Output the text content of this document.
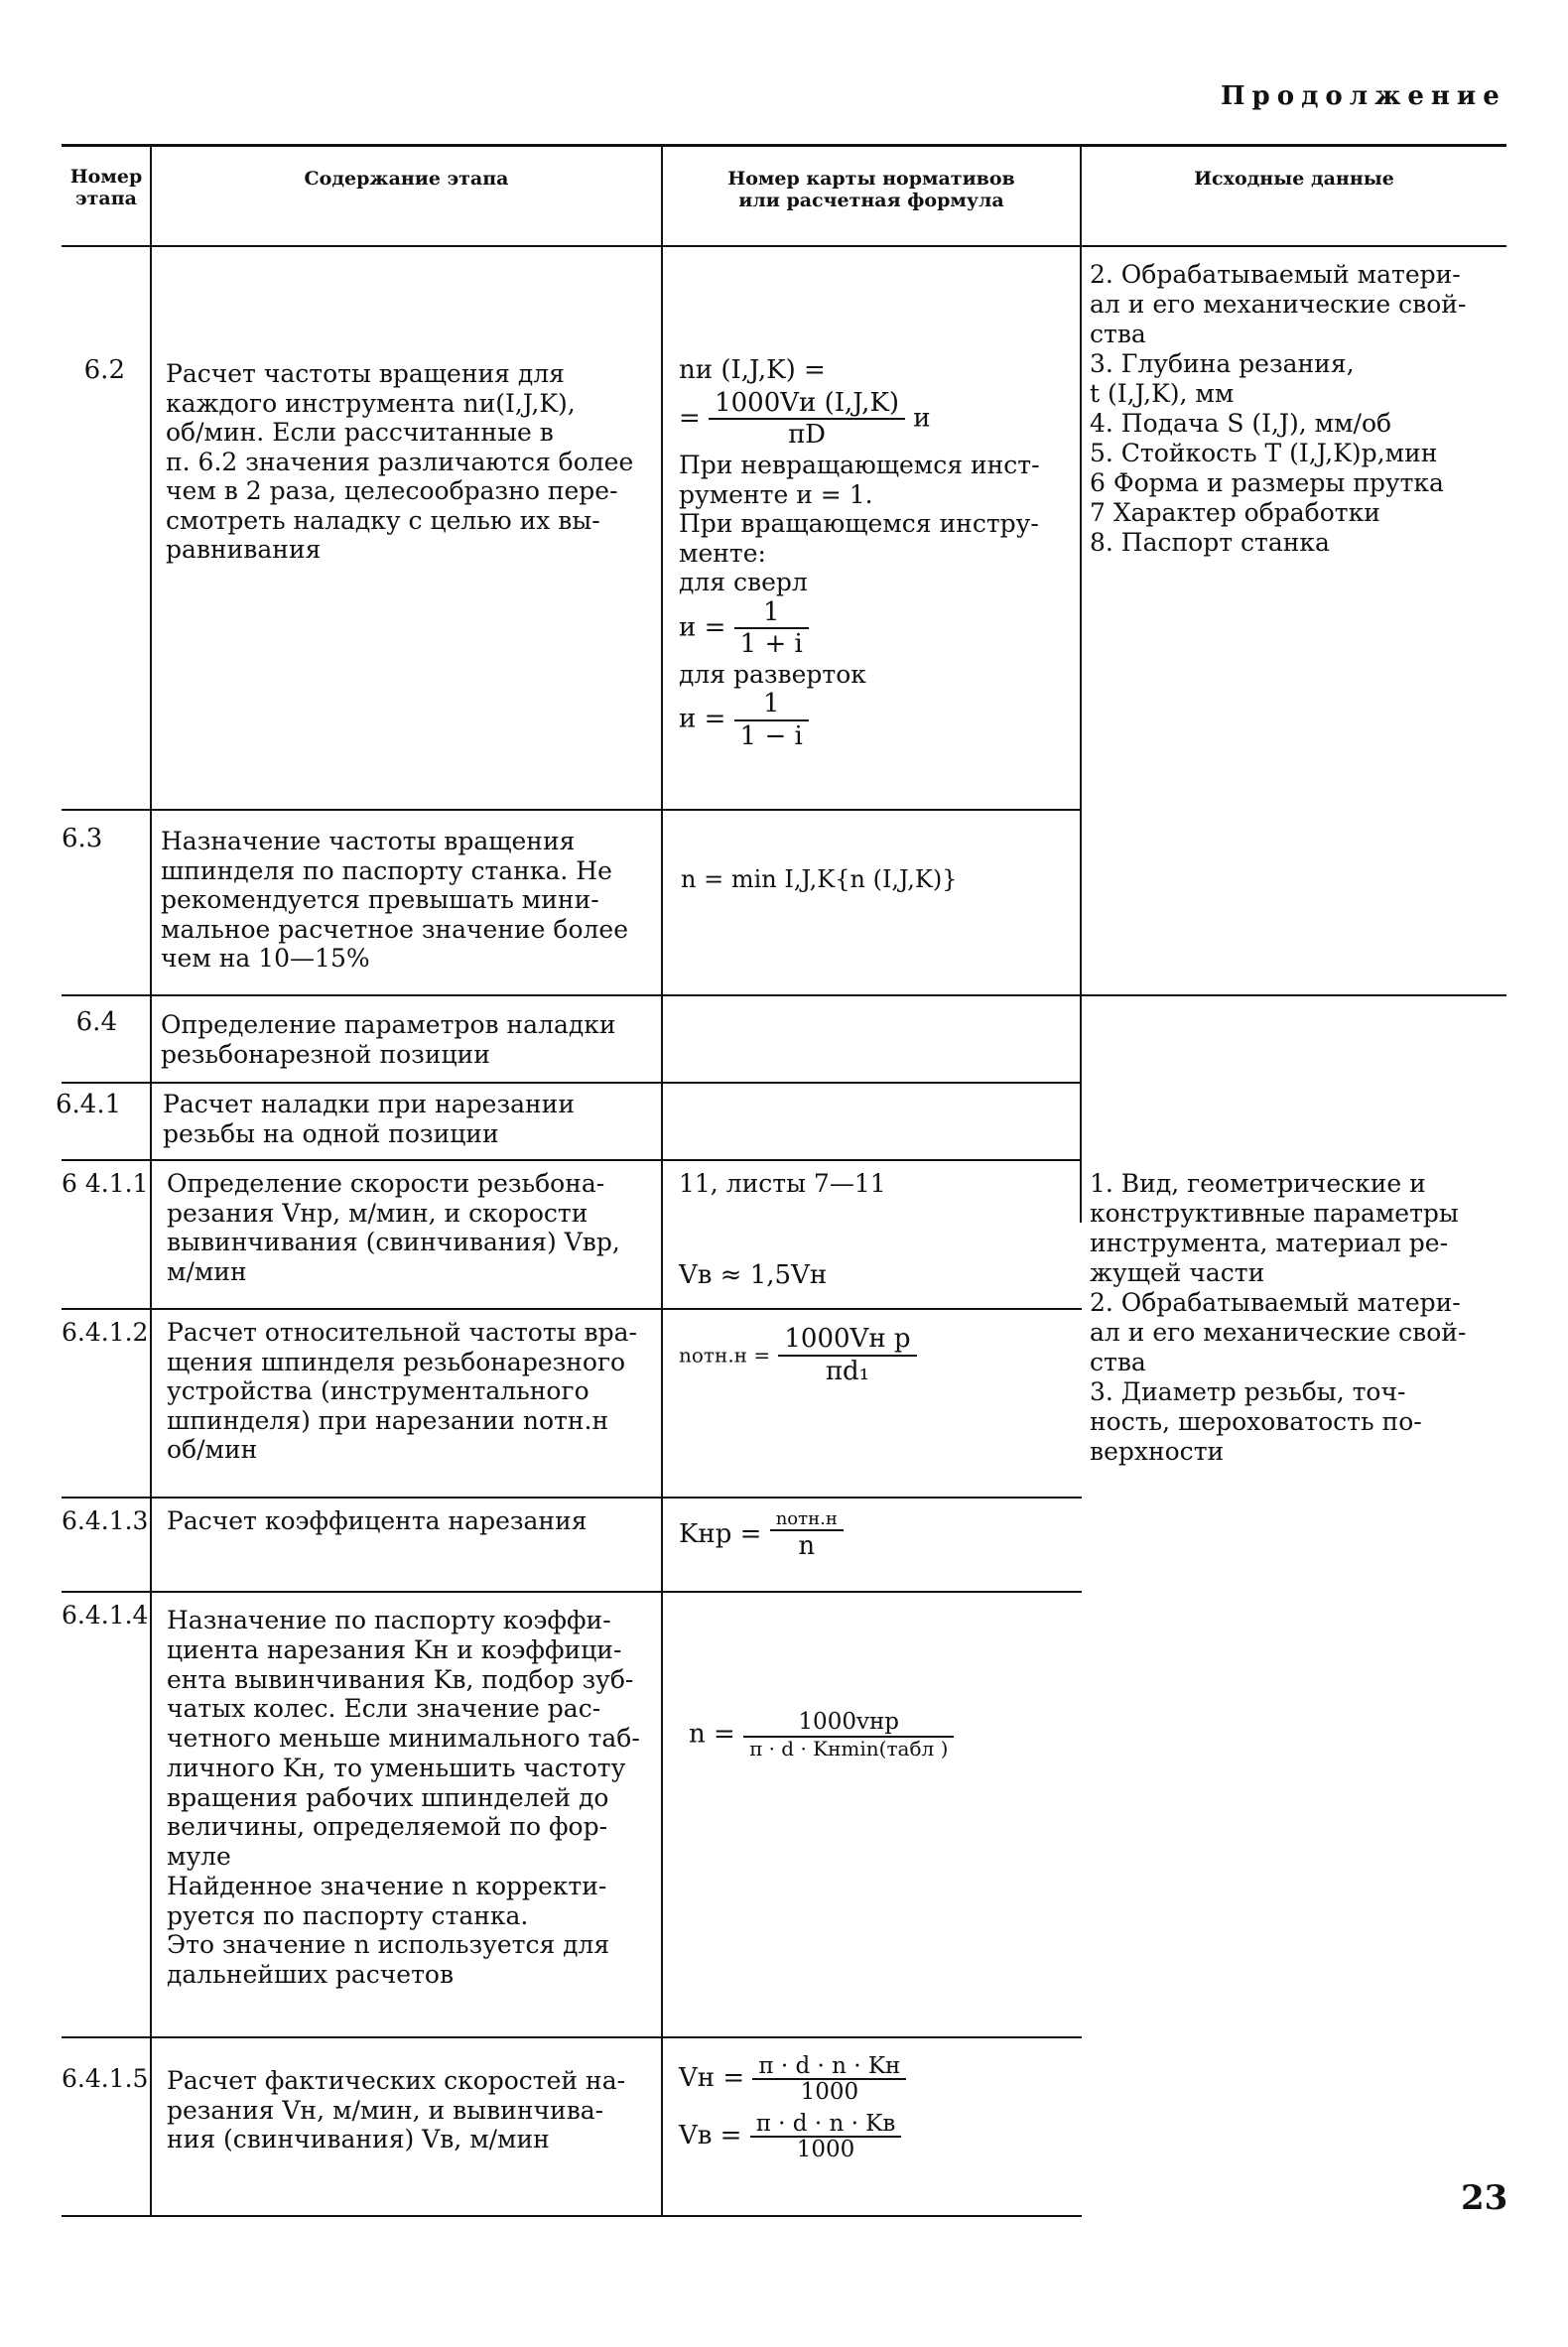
Продолжение
Номер
этапа
Содержание этапа	Номер карты нормативов
или расчетная формула
Исходные данные
6.2 Расчет частоты вращения для
каждого инструмента nи(I,J,K),
об/мин. Если рассчитанные в
п. 6.2 значения различаются более
чем в 2 раза, целесообразно пере-
смотреть наладку с целью их вы-
равнивания
nи (I,J,K) =
= $\frac{1000Vи (I,J,K)}{\pi D}$ и
При невращающемся инст-
рументе и = 1.
При вращающемся инстру-
менте:
для сверл
$и = \frac{1}{1 + i}$
для разверток
$и = \frac{1}{1 - i}$
2. Обрабатываемый матери-
ал и его механические свой-
ства
3. Глубина резания,
t (I,J,K), мм
4. Подача S (I,J), мм/об
5. Стойкость T (I,J,K)р,мин
6 Форма и размеры прутка
7 Характер обработки
8. Паспорт станка
6.3 Назначение частоты вращения
шпинделя по паспорту станка. Не
рекомендуется превышать мини-
мальное расчетное значение более
чем на 10—15%
n = min I,J,K{n (I,J,K)}
6.4 Определение параметров наладки
резьбонарезной позиции
6.4.1 Расчет наладки при нарезании
резьбы на одной позиции
6 4.1.1 Определение скорости резьбона-
резания Vнр, м/мин, и скорости
вывинчивания (свинчивания) Vвр,
м/мин
11, листы 7—11
Vв ≈ 1,5Vн
6.4.1.2 Расчет относительной частоты вра-
щения шпинделя резьбонарезного
устройства (инструментального
шпинделя) при нарезании nотн.н
об/мин
nотн.н = $\frac{\text{1000Vн р}}{\text{πd₁}}$
6.4.1.3 Расчет коэффицента нарезания	Kнр = $\frac{\text{nотн.н}}{n}$
6.4.1.4 Назначение по паспорту коэффи-
циента нарезания Kн и коэффици-
ента вывинчивания Kв, подбор зуб-
чатых колес. Если значение рас-
четного меньше минимального таб-
личного Kн, то уменьшить частоту
вращения рабочих шпинделей до
величины, определяемой по фор-
муле
Найденное значение n корректи-
руется по паспорту станка.
Это значение n используется для
дальнейших расчетов
$n = \frac{\text{1000vнр}}{\text{π · d · Kнmin(табл )}}$
6.4.1.5 Расчет фактических скоростей на-
резания Vн, м/мин, и вывинчива-
ния (свинчивания) Vв, м/мин
Vн = $\frac{\pi \cdot d \cdot n \cdot Kн}{1000}$
Vв = $\frac{\pi \cdot d \cdot n \cdot Kв}{1000}$
1. Вид, геометрические и
конструктивные параметры
инструмента, материал ре-
жущей части
2. Обрабатываемый матери-
ал и его механические свой-
ства
3. Диаметр резьбы, точ-
ность, шероховатость по-
верхности
23
